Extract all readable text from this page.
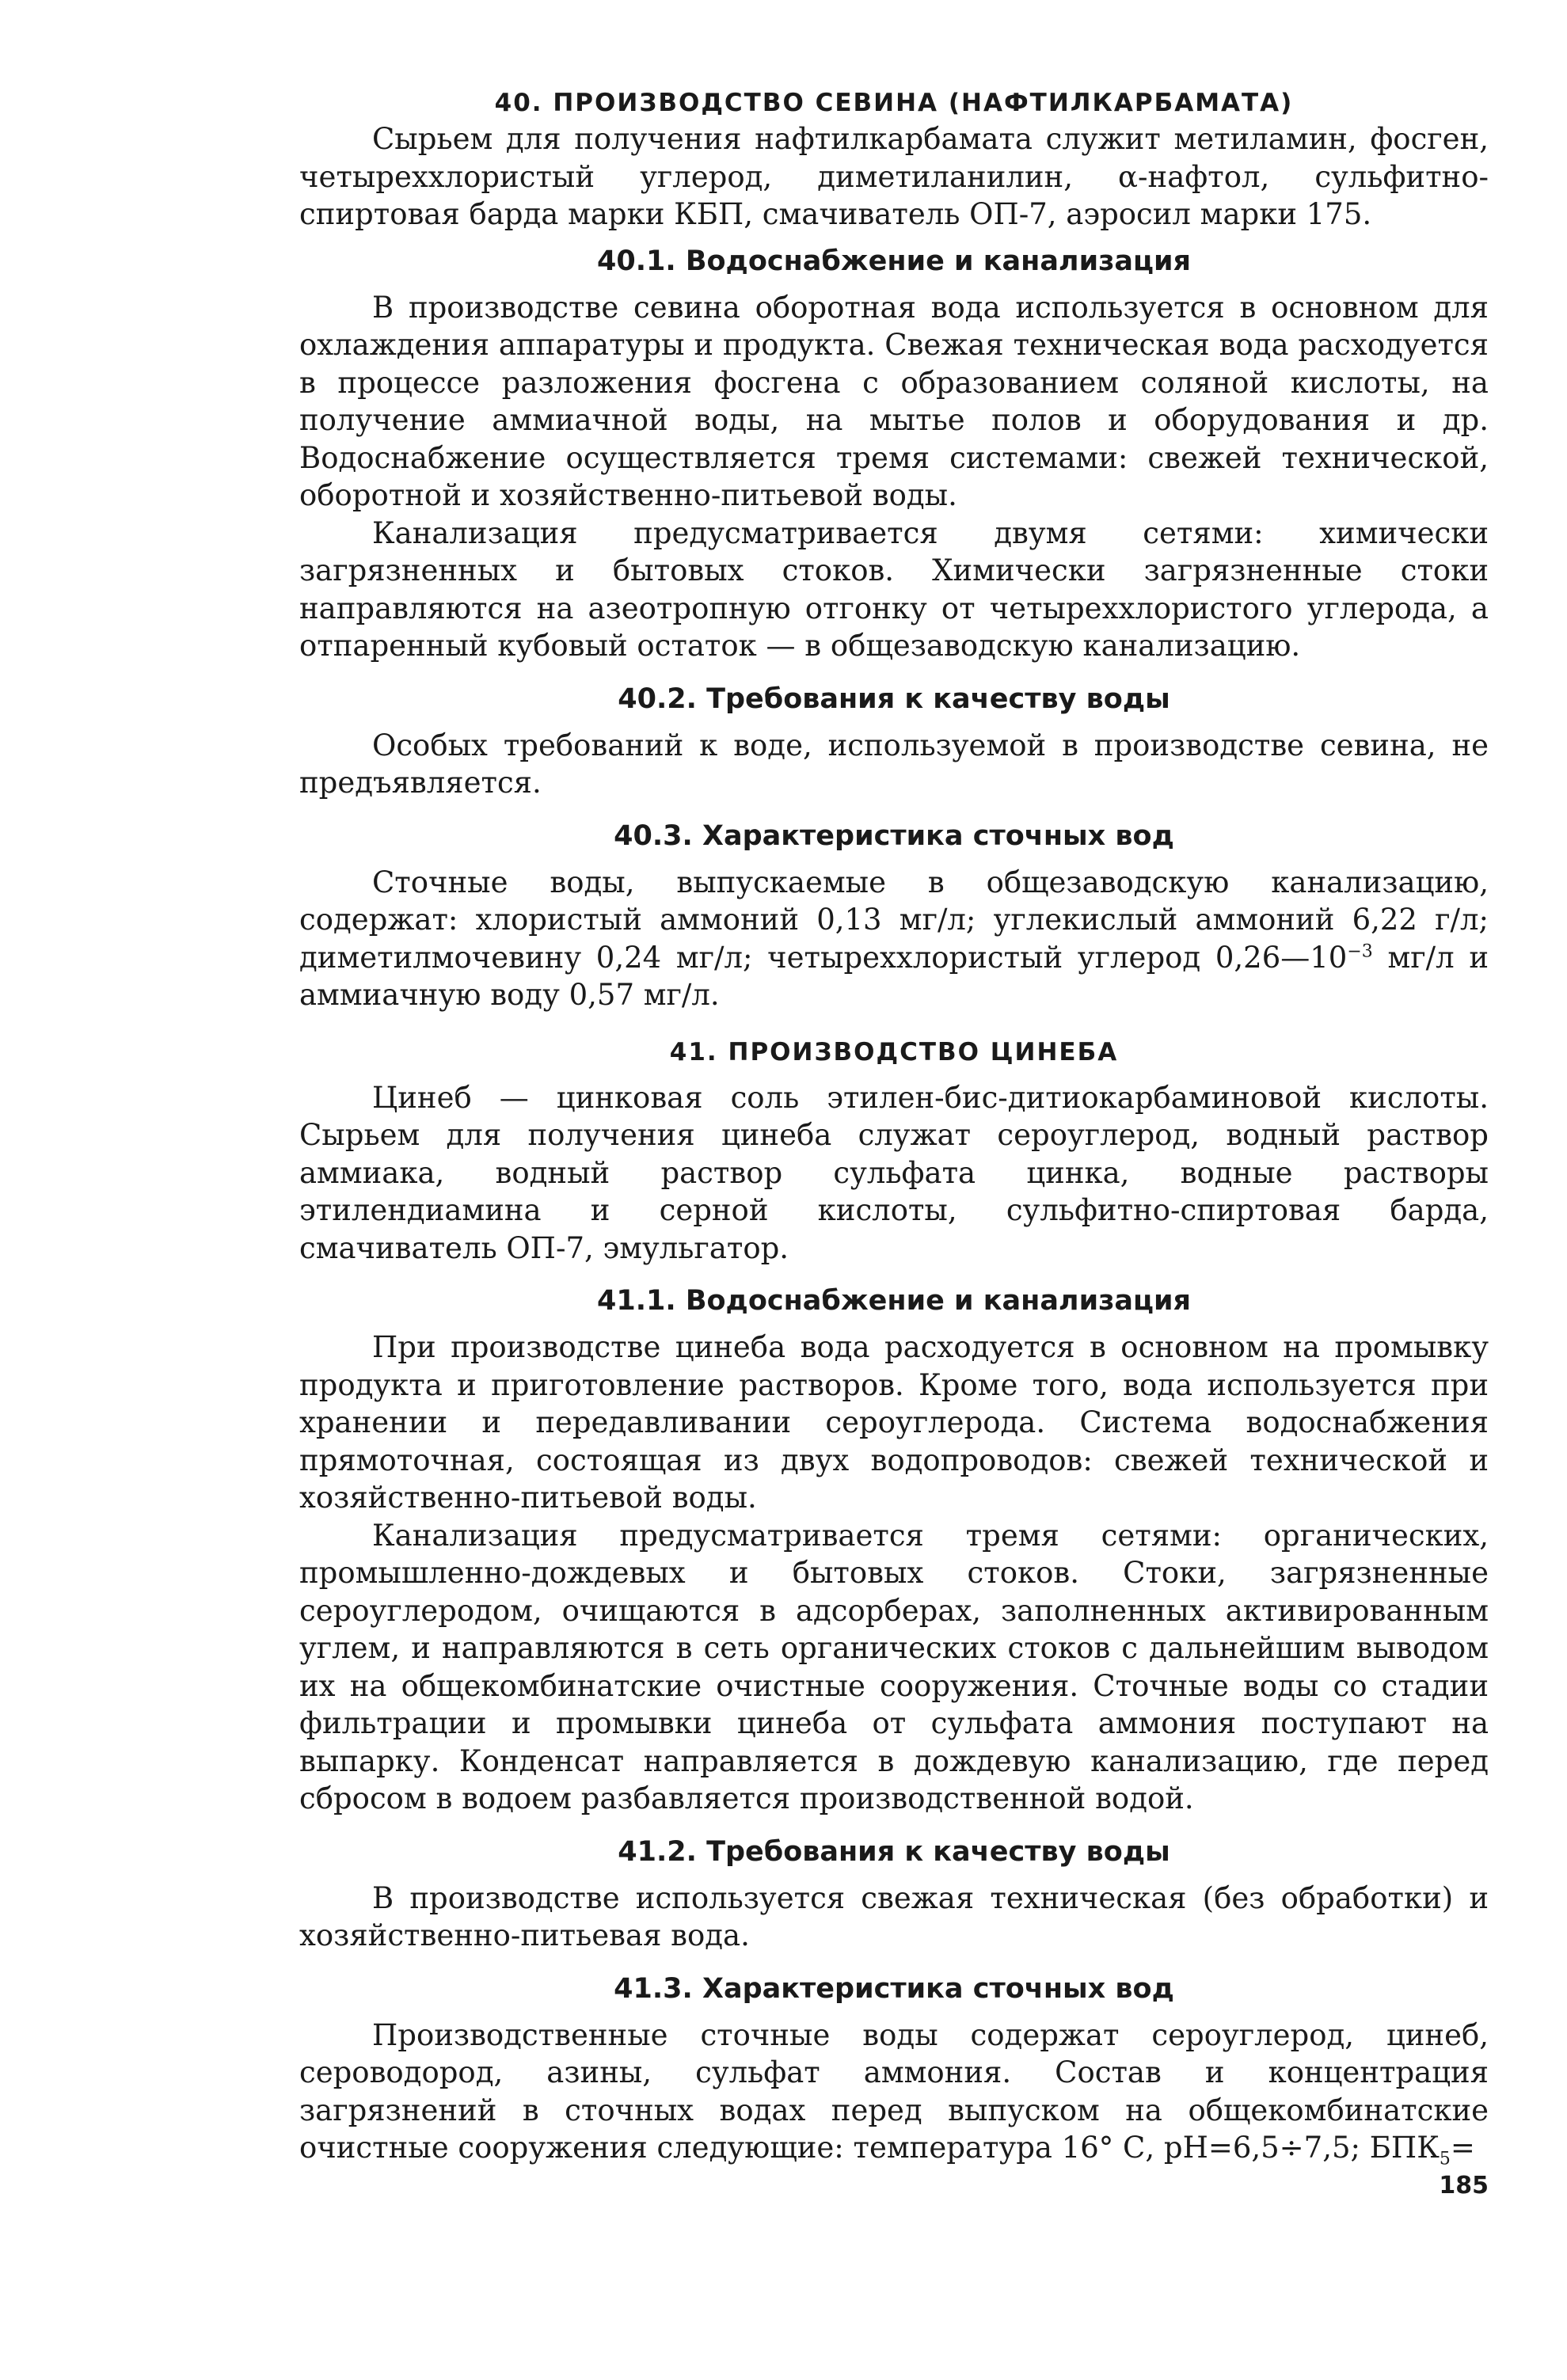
40. ПРОИЗВОДСТВО СЕВИНА (НАФТИЛКАРБАМАТА)

Сырьем для получения нафтилкарбамата служит метиламин, фосген, четыреххлористый углерод, диметиланилин, α-нафтол, сульфитно-спиртовая барда марки КБП, смачиватель ОП-7, аэросил марки 175.

40.1. Водоснабжение и канализация

В производстве севина оборотная вода используется в основном для охлаждения аппаратуры и продукта. Свежая техническая вода расходуется в процессе разложения фосгена с образованием соляной кислоты, на получение аммиачной воды, на мытье полов и оборудования и др. Водоснабжение осуществляется тремя системами: свежей технической, оборотной и хозяйственно-питьевой воды.

Канализация предусматривается двумя сетями: химически загрязненных и бытовых стоков. Химически загрязненные стоки направляются на азеотропную отгонку от четыреххлористого углерода, а отпаренный кубовый остаток — в общезаводскую канализацию.

40.2. Требования к качеству воды

Особых требований к воде, используемой в производстве севина, не предъявляется.

40.3. Характеристика сточных вод

Сточные воды, выпускаемые в общезаводскую канализацию, содержат: хлористый аммоний 0,13 мг/л; углекислый аммоний 6,22 г/л; диметилмочевину 0,24 мг/л; четыреххлористый углерод $0,26—10^{-3}$ мг/л и аммиачную воду 0,57 мг/л.

41. ПРОИЗВОДСТВО ЦИНЕБА

Цинеб — цинковая соль этилен-бис-дитиокарбаминовой кислоты. Сырьем для получения цинеба служат сероуглерод, водный раствор аммиака, водный раствор сульфата цинка, водные растворы этилендиамина и серной кислоты, сульфитно-спиртовая барда, смачиватель ОП-7, эмульгатор.

41.1. Водоснабжение и канализация

При производстве цинеба вода расходуется в основном на промывку продукта и приготовление растворов. Кроме того, вода используется при хранении и передавливании сероуглерода. Система водоснабжения прямоточная, состоящая из двух водопроводов: свежей технической и хозяйственно-питьевой воды.

Канализация предусматривается тремя сетями: органических, промышленно-дождевых и бытовых стоков. Стоки, загрязненные сероуглеродом, очищаются в адсорберах, заполненных активированным углем, и направляются в сеть органических стоков с дальнейшим выводом их на общекомбинатские очистные сооружения. Сточные воды со стадии фильтрации и промывки цинеба от сульфата аммония поступают на выпарку. Конденсат направляется в дождевую канализацию, где перед сбросом в водоем разбавляется производственной водой.

41.2. Требования к качеству воды

В производстве используется свежая техническая (без обработки) и хозяйственно-питьевая вода.

41.3. Характеристика сточных вод

Производственные сточные воды содержат сероуглерод, цинеб, сероводород, азины, сульфат аммония. Состав и концентрация загрязнений в сточных водах перед выпуском на общекомбинатские очистные сооружения следующие: температура 16° С, pH=6,5÷7,5; $БПК_5=$

185
